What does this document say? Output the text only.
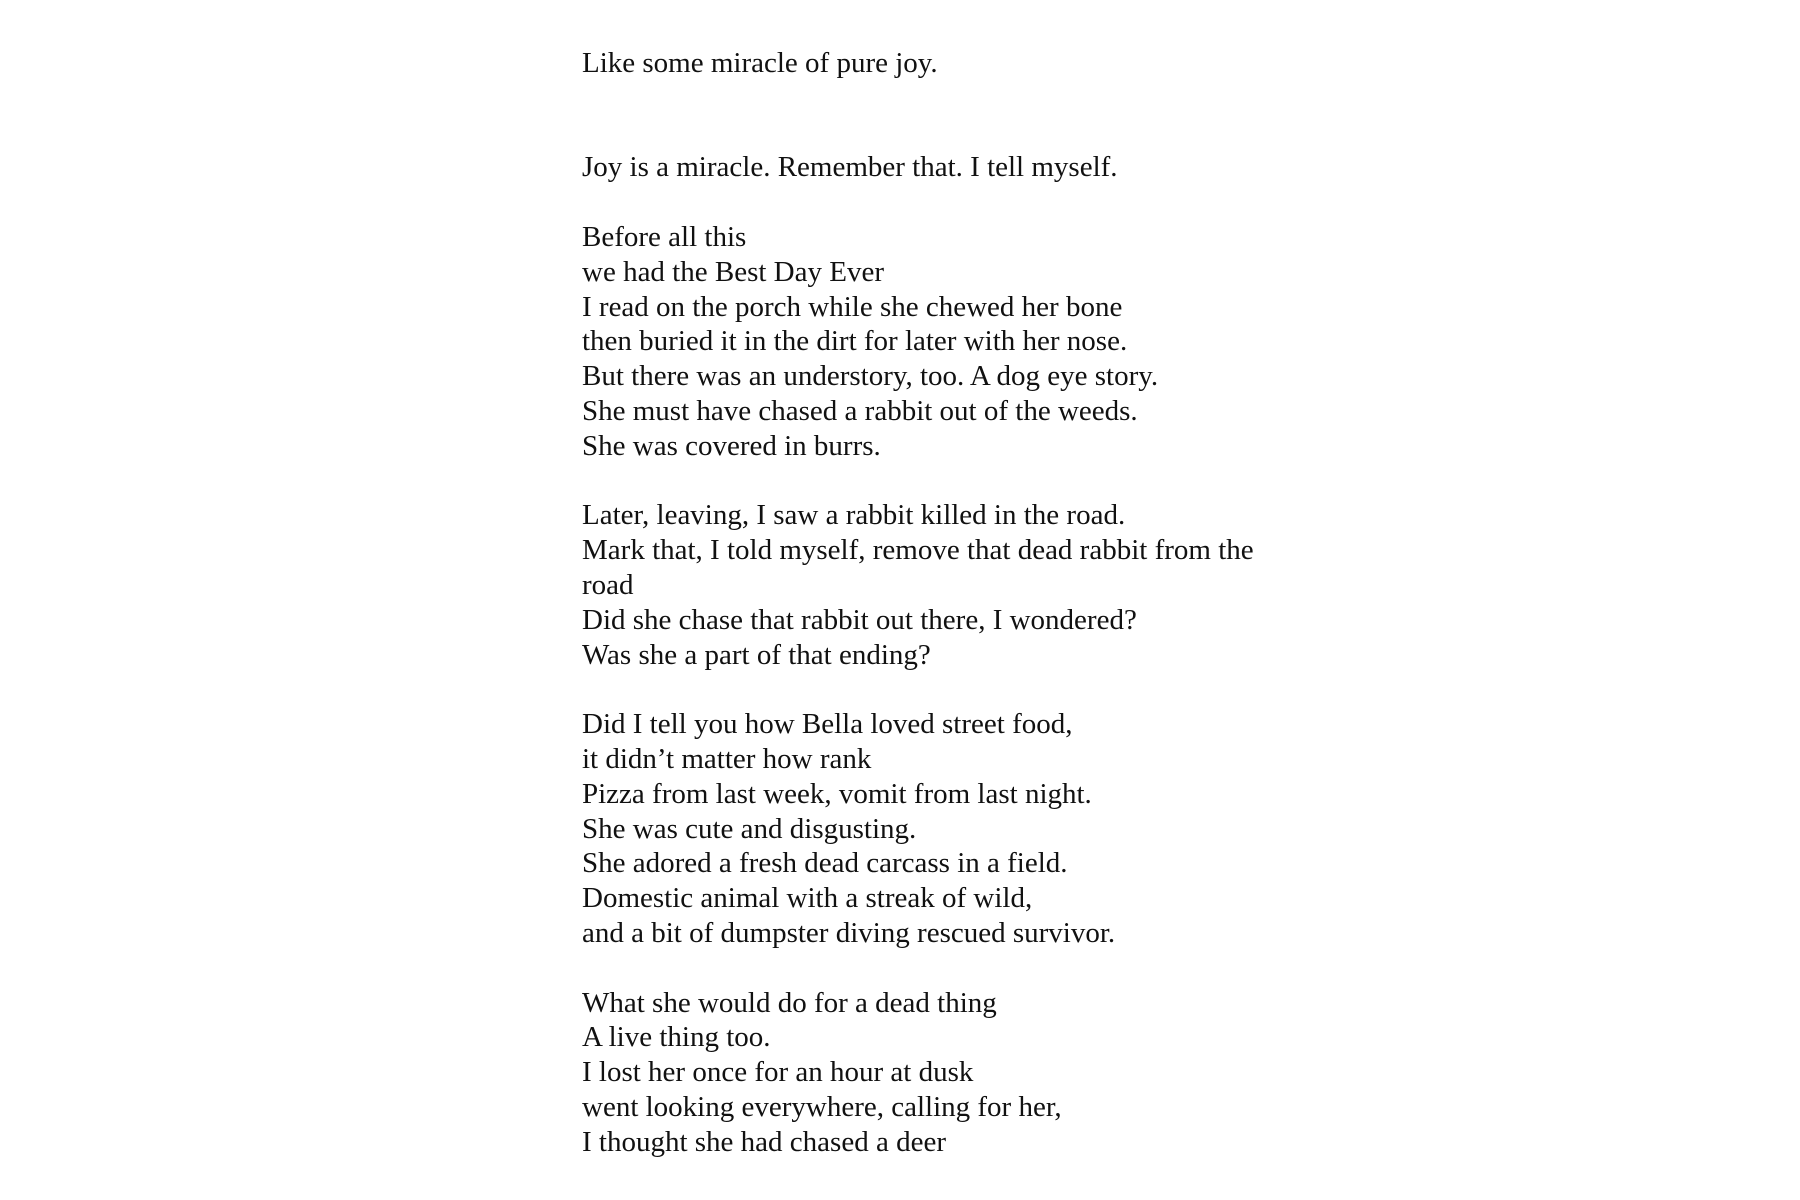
Like some miracle of pure joy.
Joy is a miracle. Remember that. I tell myself.
Before all this
we had the Best Day Ever
I read on the porch while she chewed her bone
then buried it in the dirt for later with her nose.
But there was an understory, too. A dog eye story.
She must have chased a rabbit out of the weeds.
She was covered in burrs.
Later, leaving, I saw a rabbit killed in the road.
Mark that, I told myself, remove that dead rabbit from the
road
Did she chase that rabbit out there, I wondered?
Was she a part of that ending?
Did I tell you how Bella loved street food,
it didn’t matter how rank
Pizza from last week, vomit from last night.
She was cute and disgusting.
She adored a fresh dead carcass in a field.
Domestic animal with a streak of wild,
and a bit of dumpster diving rescued survivor.
What she would do for a dead thing
A live thing too.
I lost her once for an hour at dusk
went looking everywhere, calling for her,
I thought she had chased a deer
